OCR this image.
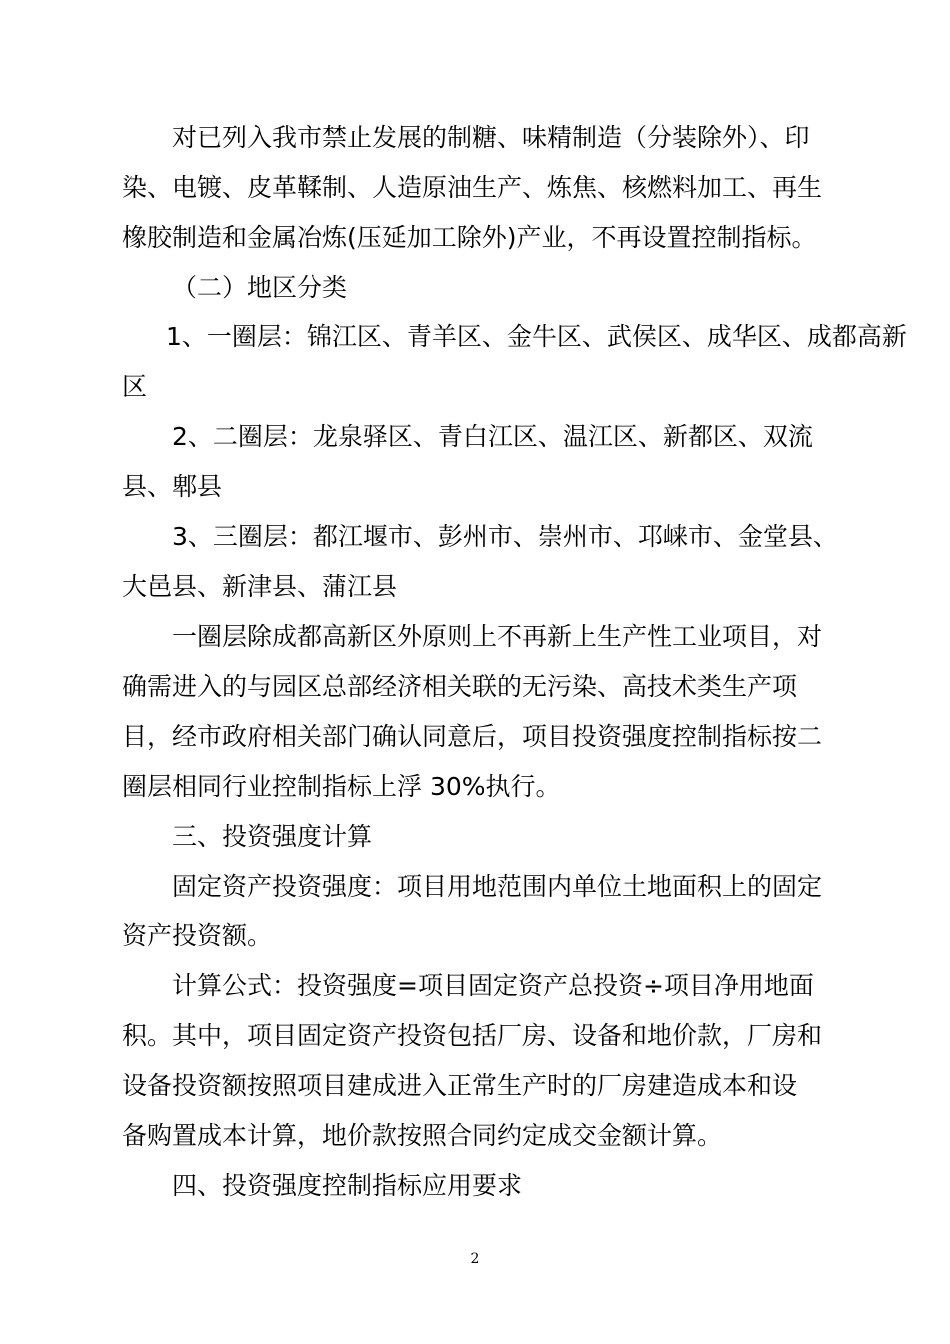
对已列入我市禁止发展的制糖、味精制造（分装除外）、印
染、电镀、皮革鞣制、人造原油生产、炼焦、核燃料加工、再生
橡胶制造和金属冶炼(压延加工除外)产业，不再设置控制指标。
（二）地区分类
1、一圈层：锦江区、青羊区、金牛区、武侯区、成华区、成都高新
区
2、二圈层：龙泉驿区、青白江区、温江区、新都区、双流
县、郫县
3、三圈层：都江堰市、彭州市、崇州市、邛崃市、金堂县、
大邑县、新津县、蒲江县
一圈层除成都高新区外原则上不再新上生产性工业项目，对
确需进入的与园区总部经济相关联的无污染、高技术类生产项
目，经市政府相关部门确认同意后，项目投资强度控制指标按二
圈层相同行业控制指标上浮 30%执行。
三、投资强度计算
固定资产投资强度：项目用地范围内单位土地面积上的固定
资产投资额。
计算公式：投资强度=项目固定资产总投资÷项目净用地面
积。其中，项目固定资产投资包括厂房、设备和地价款，厂房和
设备投资额按照项目建成进入正常生产时的厂房建造成本和设
备购置成本计算，地价款按照合同约定成交金额计算。
四、投资强度控制指标应用要求
2
